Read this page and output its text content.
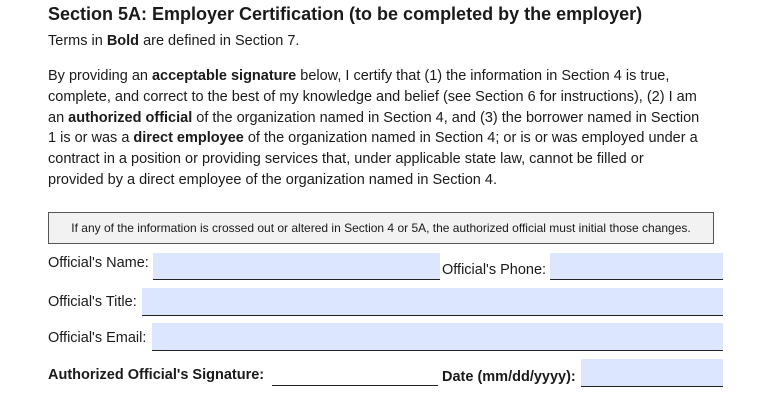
Section 5A: Employer Certification (to be completed by the employer)
Terms in Bold are defined in Section 7.
By providing an acceptable signature below, I certify that (1) the information in Section 4 is true,
complete, and correct to the best of my knowledge and belief (see Section 6 for instructions), (2) I am
an authorized official of the organization named in Section 4, and (3) the borrower named in Section
1 is or was a direct employee of the organization named in Section 4; or is or was employed under a
contract in a position or providing services that, under applicable state law, cannot be filled or
provided by a direct employee of the organization named in Section 4.
If any of the information is crossed out or altered in Section 4 or 5A, the authorized official must initial those changes.
Official's Name:	Official's Phone:
Official's Title:
Official's Email:
Authorized Official's Signature:	Date (mm/dd/yyyy):
